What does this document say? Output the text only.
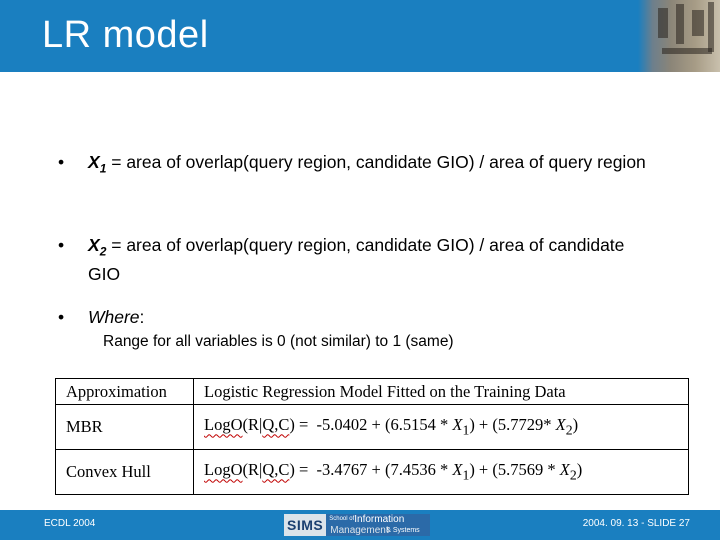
LR model
• $X_1$ = area of overlap(query region, candidate GIO) / area of query region
• $X_2$ = area of overlap(query region, candidate GIO) / area of candidate GIO
• Where:
Range for all variables is 0 (not similar) to 1 (same)
Approximation	Logistic Regression Model Fitted on the Training Data
MBR	LogO(R|Q,C) = $-5.0402 + (6.5154 * X_1) + (5.7729*$ $X_2$)
Convex Hull	LogO(R|Q,C) = $-3.4767 + (7.4536 * X_1) + (5.7569 * X_2)$
ECDL 2004	SIMS	School of Information
Management
& Systems
2004. 09. 13 - SLIDE 27
